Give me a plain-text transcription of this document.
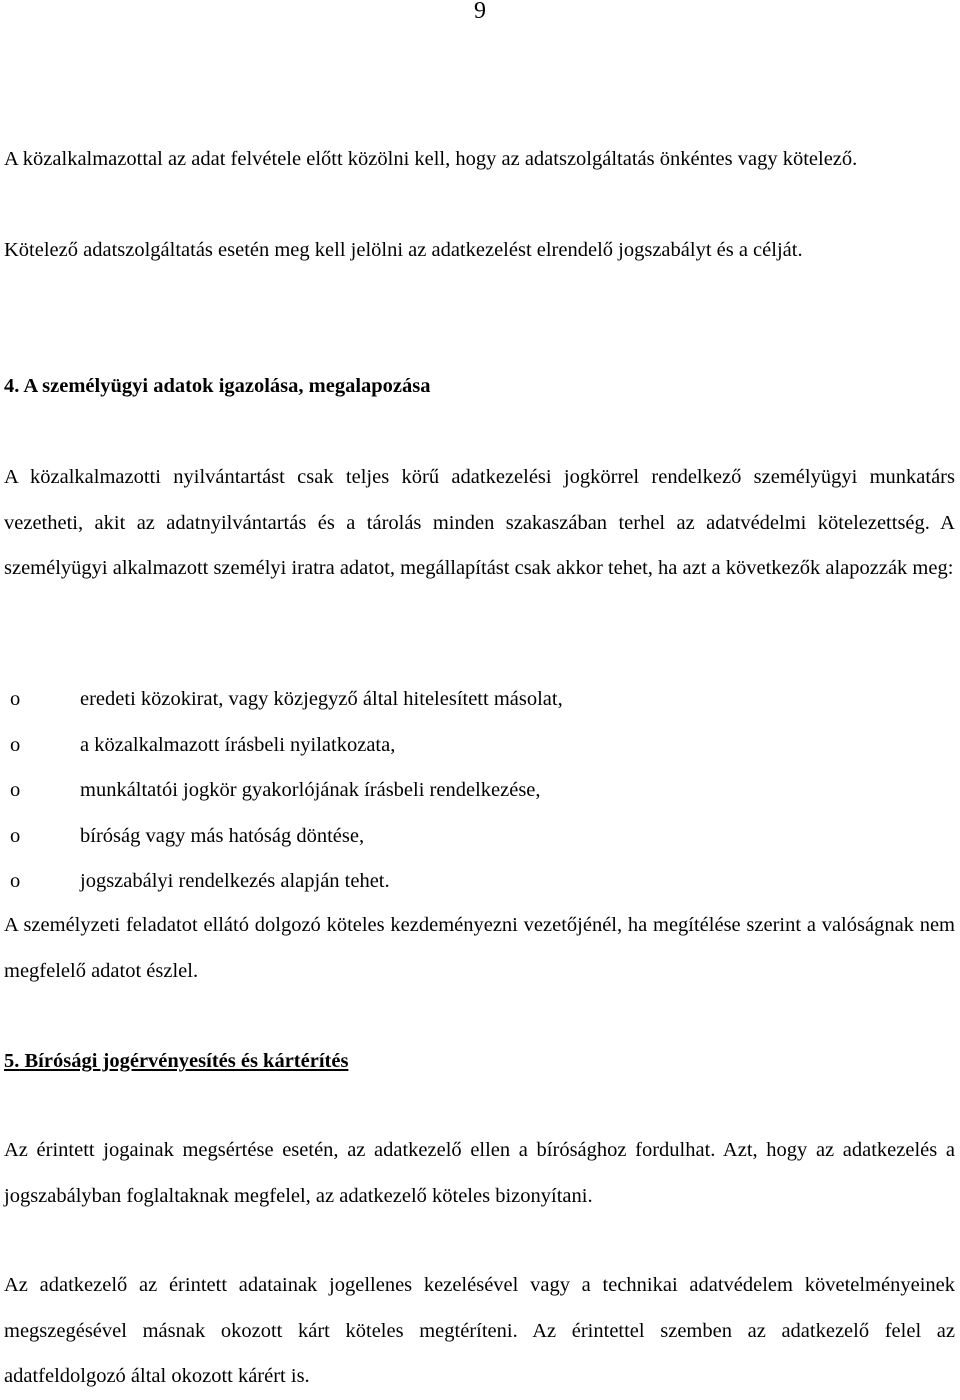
9

A közalkalmazottal az adat felvétele előtt közölni kell, hogy az adatszolgáltatás önkéntes vagy kötelező.

Kötelező adatszolgáltatás esetén meg kell jelölni az adatkezelést elrendelő jogszabályt és a célját.

4. A személyügyi adatok igazolása, megalapozása

A közalkalmazotti nyilvántartást csak teljes körű adatkezelési jogkörrel rendelkező személyügyi munkatárs vezetheti, akit az adatnyilvántartás és a tárolás minden szakaszában terhel az adatvédelmi kötelezettség. A személyügyi alkalmazott személyi iratra adatot, megállapítást csak akkor tehet, ha azt a következők alapozzák meg:

o	eredeti közokirat, vagy közjegyző által hitelesített másolat,
o	a közalkalmazott írásbeli nyilatkozata,
o	munkáltatói jogkör gyakorlójának írásbeli rendelkezése,
o	bíróság vagy más hatóság döntése,
o	jogszabályi rendelkezés alapján tehet.

A személyzeti feladatot ellátó dolgozó köteles kezdeményezni vezetőjénél, ha megítélése szerint a valóságnak nem megfelelő adatot észlel.

5. Bírósági jogérvényesítés és kártérítés

Az érintett jogainak megsértése esetén, az adatkezelő ellen a bírósághoz fordulhat. Azt, hogy az adatkezelés a jogszabályban foglaltaknak megfelel, az adatkezelő köteles bizonyítani.

Az adatkezelő az érintett adatainak jogellenes kezelésével vagy a technikai adatvédelem követelményeinek megszegésével másnak okozott kárt köteles megtéríteni. Az érintettel szemben az adatkezelő felel az adatfeldolgozó által okozott kárért is.
